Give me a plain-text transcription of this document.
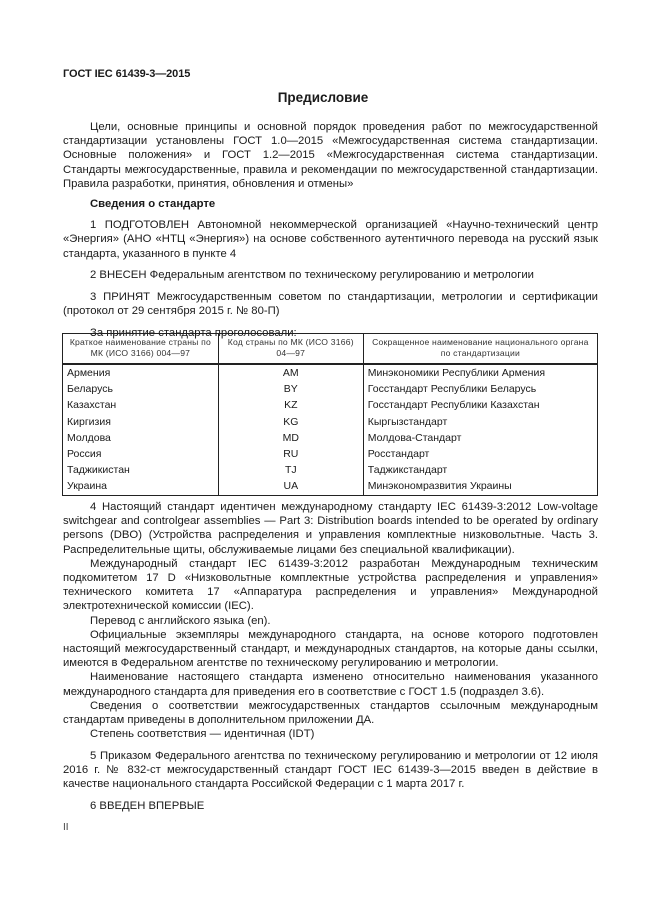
ГОСТ IEC 61439-3—2015
Предисловие

Цели, основные принципы и основной порядок проведения работ по межгосударственной стандартизации установлены ГОСТ 1.0—2015 «Межгосударственная система стандартизации. Основные положения» и ГОСТ 1.2—2015 «Межгосударственная система стандартизации. Стандарты межгосударственные, правила и рекомендации по межгосударственной стандартизации. Правила разработки, принятия, обновления и отмены»

Сведения о стандарте

1 ПОДГОТОВЛЕН Автономной некоммерческой организацией «Научно-технический центр «Энергия» (АНО «НТЦ «Энергия») на основе собственного аутентичного перевода на русский язык стандарта, указанного в пункте 4

2 ВНЕСЕН Федеральным агентством по техническому регулированию и метрологии

3 ПРИНЯТ Межгосударственным советом по стандартизации, метрологии и сертификации (протокол от 29 сентября 2015 г. № 80-П)

За принятие стандарта проголосовали:

Краткое наименование страны по МК (ИСО 3166) 004—97	Код страны по МК (ИСО 3166) 04—97	Сокращенное наименование национального органа по стандартизации
Армения	AM	Минэкономики Республики Армения
Беларусь	BY	Госстандарт Республики Беларусь
Казахстан	KZ	Госстандарт Республики Казахстан
Киргизия	KG	Кыргызстандарт
Молдова	MD	Молдова-Стандарт
Россия	RU	Росстандарт
Таджикистан	TJ	Таджикстандарт
Украина	UA	Минэкономразвития Украины

4 Настоящий стандарт идентичен международному стандарту IEC 61439-3:2012 Low-voltage switchgear and controlgear assemblies — Part 3: Distribution boards intended to be operated by ordinary persons (DBO) (Устройства распределения и управления комплектные низковольтные. Часть 3. Распределительные щиты, обслуживаемые лицами без специальной квалификации).

Международный стандарт IEC 61439-3:2012 разработан Международным техническим подкомитетом 17 D «Низковольтные комплектные устройства распределения и управления» технического комитета 17 «Аппаратура распределения и управления» Международной электротехнической комиссии (IEC).

Перевод с английского языка (en).

Официальные экземпляры международного стандарта, на основе которого подготовлен настоящий межгосударственный стандарт, и международных стандартов, на которые даны ссылки, имеются в Федеральном агентстве по техническому регулированию и метрологии.

Наименование настоящего стандарта изменено относительно наименования указанного международного стандарта для приведения его в соответствие с ГОСТ 1.5 (подраздел 3.6).

Сведения о соответствии межгосударственных стандартов ссылочным международным стандартам приведены в дополнительном приложении ДА.

Степень соответствия — идентичная (IDT)

5 Приказом Федерального агентства по техническому регулированию и метрологии от 12 июля 2016 г. № 832-ст межгосударственный стандарт ГОСТ IEC 61439-3—2015 введен в действие в качестве национального стандарта Российской Федерации с 1 марта 2017 г.

6 ВВЕДЕН ВПЕРВЫЕ

II
